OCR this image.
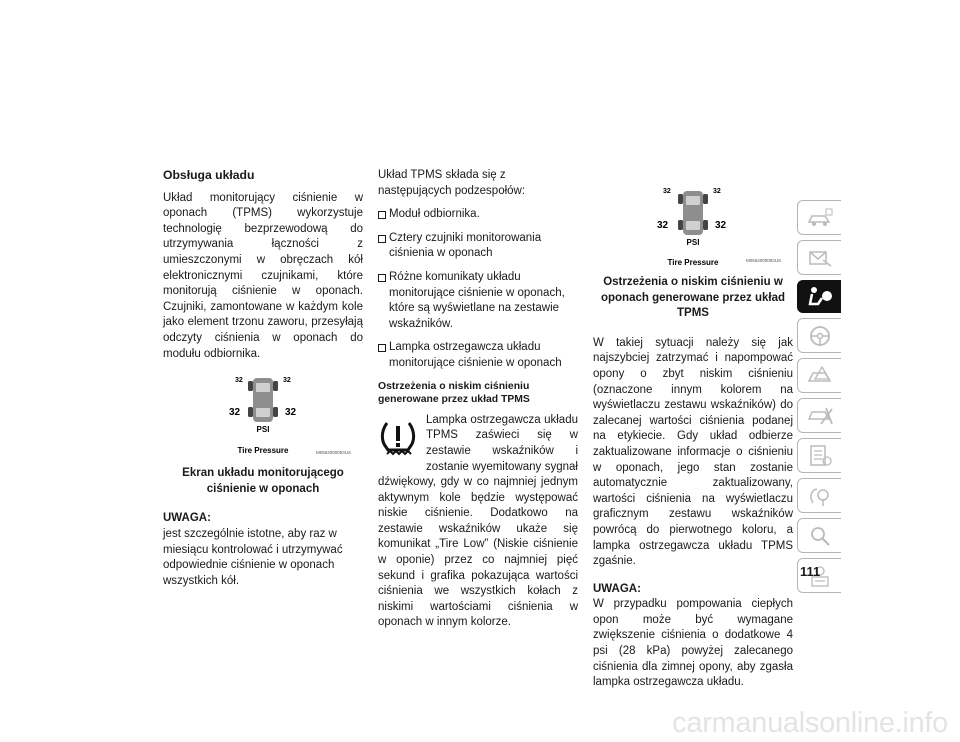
Obsługa układu

Układ monitorujący ciśnienie w oponach (TPMS) wykorzystuje technologię bezprzewodową do utrzymywania łączności z umieszczonymi w obręczach kół elektronicznymi czujnikami, które monitorują ciśnienie w oponach. Czujniki, zamontowane w każdym kole jako element trzonu zaworu, przesyłają odczyty ciśnienia w oponach do modułu odbiornika.

32	32
32	32
PSI
Tire Pressure	M0562000093US

Ekran układu monitorującego ciśnienie w oponach

UWAGA:

jest szczególnie istotne, aby raz w miesiącu kontrolować i utrzymywać odpowiednie ciśnienie w oponach wszystkich kół.

Układ TPMS składa się z następujących podzespołów:

Moduł odbiornika.
Cztery czujniki monitorowania ciśnienia w oponach
Różne komunikaty układu monitorujące ciśnienie w oponach, które są wyświetlane na zestawie wskaźników.
Lampka ostrzegawcza układu monitorujące ciśnienie w oponach

Ostrzeżenia o niskim ciśnieniu generowane przez układ TPMS

Lampka ostrzegawcza układu TPMS zaświeci się w zestawie wskaźników i zostanie wyemitowany sygnał dźwiękowy, gdy w co najmniej jednym aktywnym kole będzie występować niskie ciśnienie. Dodatkowo na zestawie wskaźników ukaże się komunikat „Tire Low” (Niskie ciśnienie w oponie) przez co najmniej pięć sekund i grafika pokazująca wartości ciśnienia we wszystkich kołach z niskimi wartościami ciśnienia w oponach w innym kolorze.

32	32
32	32
PSI
Tire Pressure	M0562000093US

Ostrzeżenia o niskim ciśnieniu w oponach generowane przez układ TPMS

W takiej sytuacji należy się jak najszybciej zatrzymać i napompować opony o zbyt niskim ciśnieniu (oznaczone innym kolorem na wyświetlaczu zestawu wskaźników) do zalecanej wartości ciśnienia podanej na etykiecie. Gdy układ odbierze zaktualizowane informacje o ciśnieniu w oponach, jego stan zostanie automatycznie zaktualizowany, wartości ciśnienia na wyświetlaczu graficznym zestawu wskaźników powrócą do pierwotnego koloru, a lampka ostrzegawcza układu TPMS zgaśnie.

UWAGA:

W przypadku pompowania ciepłych opon może być wymagane zwiększenie ciśnienia o dodatkowe 4 psi (28 kPa) powyżej zalecanego ciśnienia dla zimnej opony, aby zgasła lampka ostrzegawcza układu.

111
carmanualsonline.info
